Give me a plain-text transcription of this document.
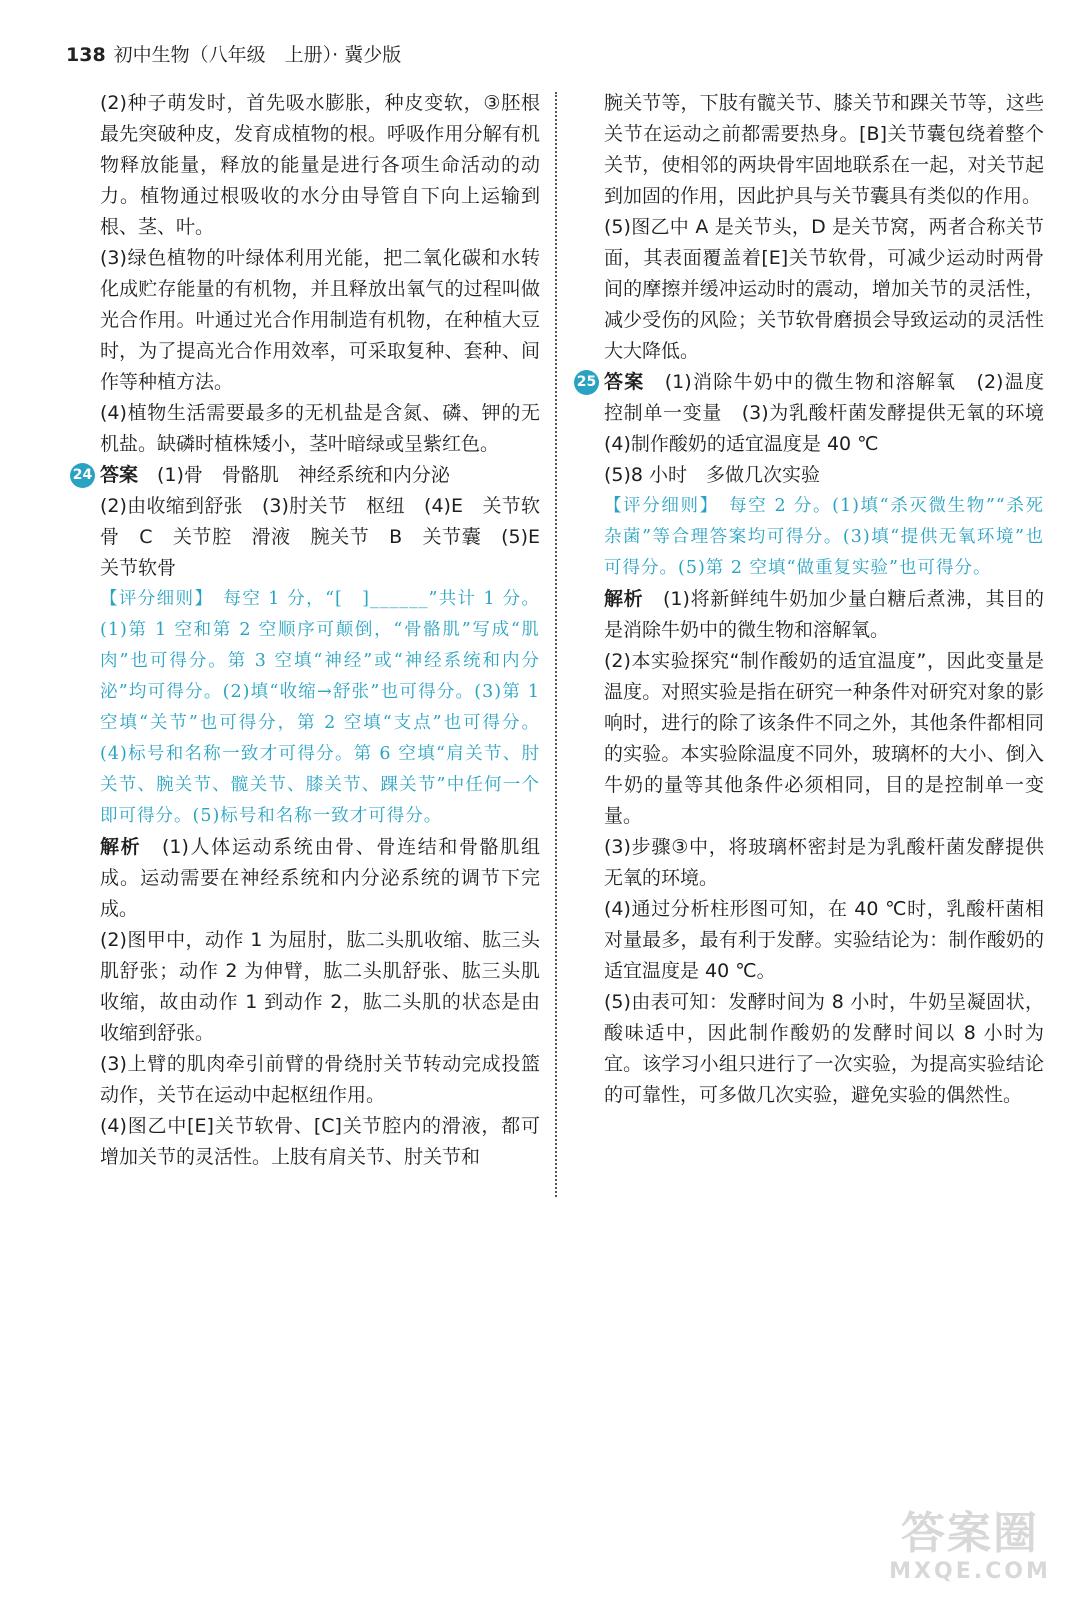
138 初中生物（八年级　上册）· 冀少版

(2)种子萌发时，首先吸水膨胀，种皮变软，③胚根最先突破种皮，发育成植物的根。呼吸作用分解有机物释放能量，释放的能量是进行各项生命活动的动力。植物通过根吸收的水分由导管自下向上运输到根、茎、叶。

(3)绿色植物的叶绿体利用光能，把二氧化碳和水转化成贮存能量的有机物，并且释放出氧气的过程叫做光合作用。叶通过光合作用制造有机物，在种植大豆时，为了提高光合作用效率，可采取复种、套种、间作等种植方法。

(4)植物生活需要最多的无机盐是含氮、磷、钾的无机盐。缺磷时植株矮小，茎叶暗绿或呈紫红色。

24 答案　(1)骨　骨骼肌　神经系统和内分泌

(2)由收缩到舒张　(3)肘关节　枢纽　(4)E　关节软骨　C　关节腔　滑液　腕关节　B　关节囊　(5)E　关节软骨

【评分细则】　每空 1 分，“[　]______”共计 1 分。(1)第 1 空和第 2 空顺序可颠倒，“骨骼肌”写成“肌肉”也可得分。第 3 空填“神经”或“神经系统和内分泌”均可得分。(2)填“收缩→舒张”也可得分。(3)第 1 空填“关节”也可得分，第 2 空填“支点”也可得分。(4)标号和名称一致才可得分。第 6 空填“肩关节、肘关节、腕关节、髋关节、膝关节、踝关节”中任何一个即可得分。(5)标号和名称一致才可得分。

解析　(1)人体运动系统由骨、骨连结和骨骼肌组成。运动需要在神经系统和内分泌系统的调节下完成。

(2)图甲中，动作 1 为屈肘，肱二头肌收缩、肱三头肌舒张；动作 2 为伸臂，肱二头肌舒张、肱三头肌收缩，故由动作 1 到动作 2，肱二头肌的状态是由收缩到舒张。

(3)上臂的肌肉牵引前臂的骨绕肘关节转动完成投篮动作，关节在运动中起枢纽作用。

(4)图乙中[E]关节软骨、[C]关节腔内的滑液，都可增加关节的灵活性。上肢有肩关节、肘关节和

腕关节等，下肢有髋关节、膝关节和踝关节等，这些关节在运动之前都需要热身。[B]关节囊包绕着整个关节，使相邻的两块骨牢固地联系在一起，对关节起到加固的作用，因此护具与关节囊具有类似的作用。

(5)图乙中 A 是关节头，D 是关节窝，两者合称关节面，其表面覆盖着[E]关节软骨，可减少运动时两骨间的摩擦并缓冲运动时的震动，增加关节的灵活性，减少受伤的风险；关节软骨磨损会导致运动的灵活性大大降低。

25 答案　(1)消除牛奶中的微生物和溶解氧　(2)温度　控制单一变量　(3)为乳酸杆菌发酵提供无氧的环境　(4)制作酸奶的适宜温度是 40 ℃

(5)8 小时　多做几次实验

【评分细则】　每空 2 分。(1)填“杀灭微生物”“杀死杂菌”等合理答案均可得分。(3)填“提供无氧环境”也可得分。(5)第 2 空填“做重复实验”也可得分。

解析　(1)将新鲜纯牛奶加少量白糖后煮沸，其目的是消除牛奶中的微生物和溶解氧。

(2)本实验探究“制作酸奶的适宜温度”，因此变量是温度。对照实验是指在研究一种条件对研究对象的影响时，进行的除了该条件不同之外，其他条件都相同的实验。本实验除温度不同外，玻璃杯的大小、倒入牛奶的量等其他条件必须相同，目的是控制单一变量。

(3)步骤③中，将玻璃杯密封是为乳酸杆菌发酵提供无氧的环境。

(4)通过分析柱形图可知，在 40 ℃时，乳酸杆菌相对量最多，最有利于发酵。实验结论为：制作酸奶的适宜温度是 40 ℃。

(5)由表可知：发酵时间为 8 小时，牛奶呈凝固状，酸味适中，因此制作酸奶的发酵时间以 8 小时为宜。该学习小组只进行了一次实验，为提高实验结论的可靠性，可多做几次实验，避免实验的偶然性。

答案圈
MXQE.COM
